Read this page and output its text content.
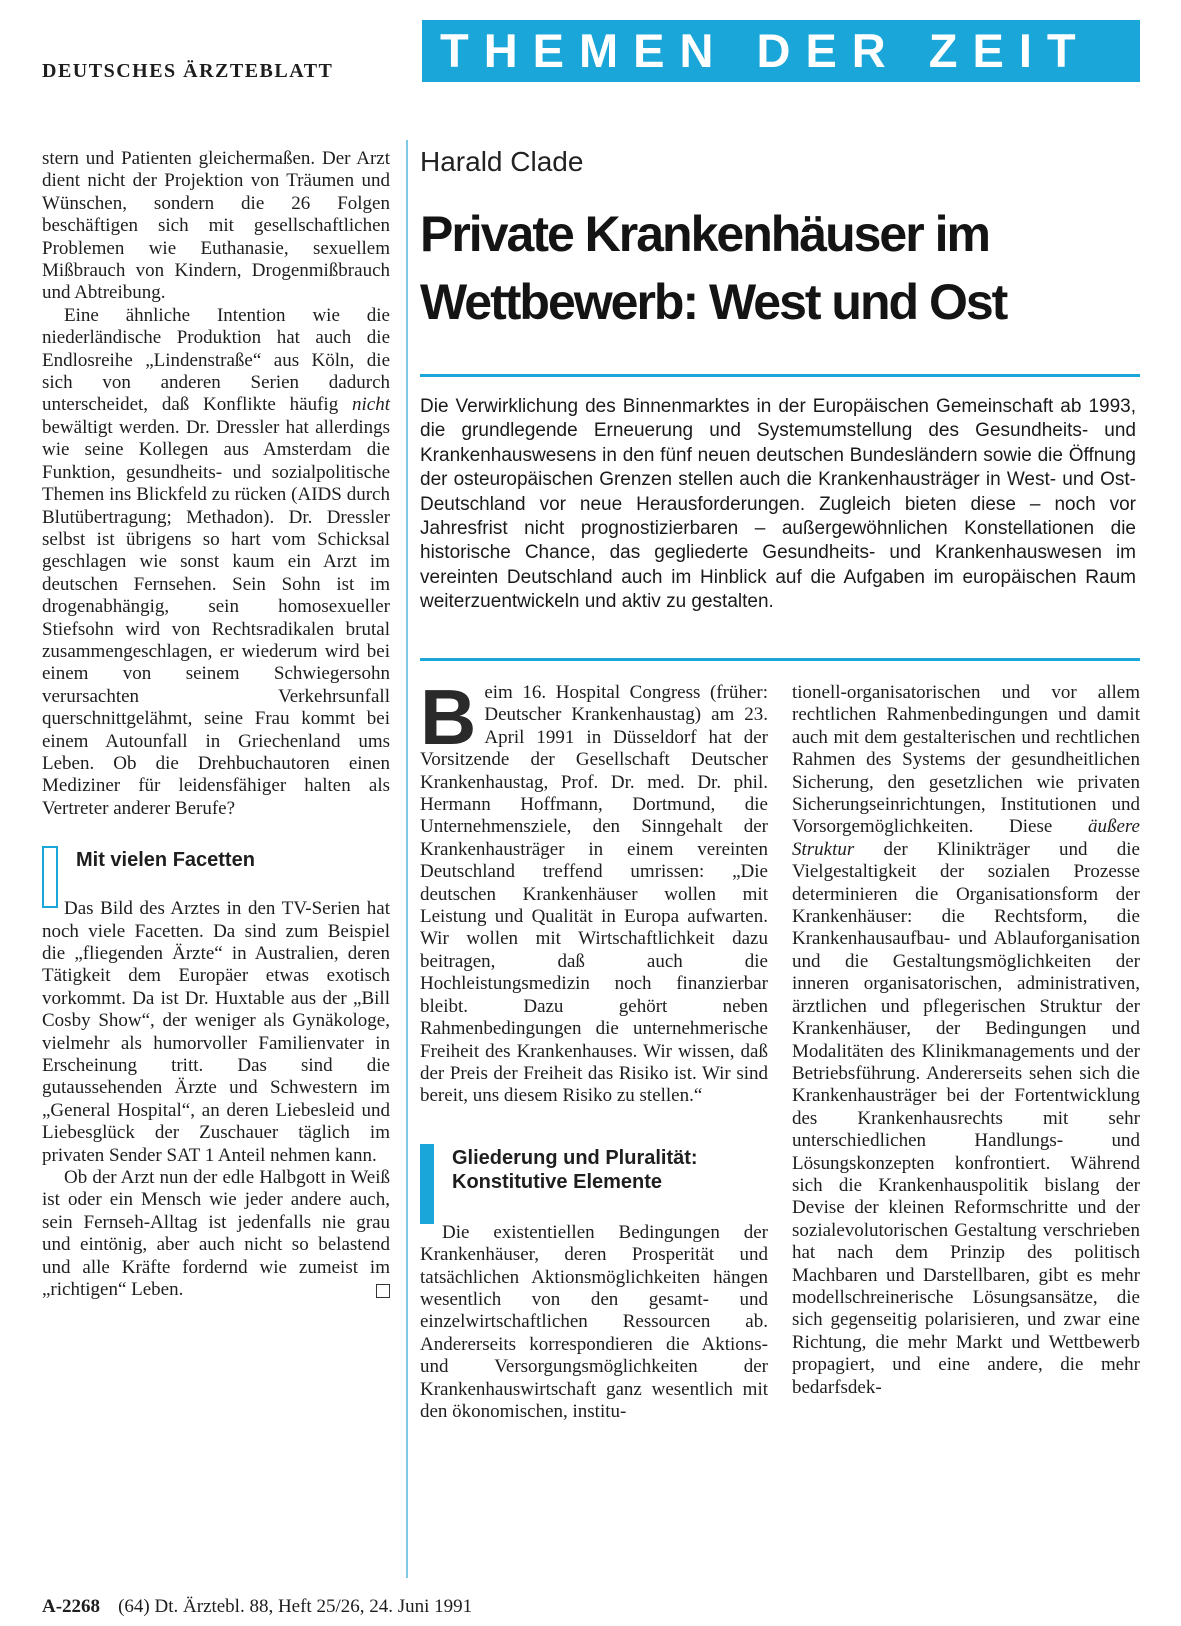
DEUTSCHES ÄRZTEBLATT THEMEN DER ZEIT

stern und Patienten gleichermaßen. Der Arzt dient nicht der Projektion von Träumen und Wünschen, sondern die 26 Folgen beschäftigen sich mit gesellschaftlichen Problemen wie Euthanasie, sexuellem Mißbrauch von Kindern, Drogenmißbrauch und Abtreibung.

Eine ähnliche Intention wie die niederländische Produktion hat auch die Endlosreihe „Lindenstraße“ aus Köln, die sich von anderen Serien dadurch unterscheidet, daß Konflikte häufig nicht bewältigt werden. Dr. Dressler hat allerdings wie seine Kollegen aus Amsterdam die Funktion, gesundheits- und sozialpolitische Themen ins Blickfeld zu rücken (AIDS durch Blutübertragung; Methadon). Dr. Dressler selbst ist übrigens so hart vom Schicksal geschlagen wie sonst kaum ein Arzt im deutschen Fernsehen. Sein Sohn ist im drogenabhängig, sein homosexueller Stiefsohn wird von Rechtsradikalen brutal zusammengeschlagen, er wiederum wird bei einem von seinem Schwiegersohn verursachten Verkehrsunfall querschnittgelähmt, seine Frau kommt bei einem Autounfall in Griechenland ums Leben. Ob die Drehbuchautoren einen Mediziner für leidensfähiger halten als Vertreter anderer Berufe?

Mit vielen Facetten

Das Bild des Arztes in den TV-Serien hat noch viele Facetten. Da sind zum Beispiel die „fliegenden Ärzte“ in Australien, deren Tätigkeit dem Europäer etwas exotisch vorkommt. Da ist Dr. Huxtable aus der „Bill Cosby Show“, der weniger als Gynäkologe, vielmehr als humorvoller Familienvater in Erscheinung tritt. Das sind die gutaussehenden Ärzte und Schwestern im „General Hospital“, an deren Liebesleid und Liebesglück der Zuschauer täglich im privaten Sender SAT 1 Anteil nehmen kann.

Ob der Arzt nun der edle Halbgott in Weiß ist oder ein Mensch wie jeder andere auch, sein Fernseh-Alltag ist jedenfalls nie grau und eintönig, aber auch nicht so belastend und alle Kräfte fordernd wie zumeist im „richtigen“ Leben.

Harald Clade
Private Krankenhäuser im
Wettbewerb: West und Ost
Die Verwirklichung des Binnenmarktes in der Europäischen Gemeinschaft ab 1993, die grundlegende Erneuerung und Systemumstellung des Gesundheits- und Krankenhauswesens in den fünf neuen deutschen Bundesländern sowie die Öffnung der osteuropäischen Grenzen stellen auch die Krankenhausträger in West- und Ost-Deutschland vor neue Herausforderungen. Zugleich bieten diese – noch vor Jahresfrist nicht prognostizierbaren – außergewöhnlichen Konstellationen die historische Chance, das gegliederte Gesundheits- und Krankenhauswesen im vereinten Deutschland auch im Hinblick auf die Aufgaben im europäischen Raum weiterzuentwickeln und aktiv zu gestalten.

Beim 16. Hospital Congress (früher: Deutscher Krankenhaustag) am 23. April 1991 in Düsseldorf hat der Vorsitzende der Gesellschaft Deutscher Krankenhaustag, Prof. Dr. med. Dr. phil. Hermann Hoffmann, Dortmund, die Unternehmensziele, den Sinngehalt der Krankenhausträger in einem vereinten Deutschland treffend umrissen: „Die deutschen Krankenhäuser wollen mit Leistung und Qualität in Europa aufwarten. Wir wollen mit Wirtschaftlichkeit dazu beitragen, daß auch die Hochleistungsmedizin noch finanzierbar bleibt. Dazu gehört neben Rahmenbedingungen die unternehmerische Freiheit des Krankenhauses. Wir wissen, daß der Preis der Freiheit das Risiko ist. Wir sind bereit, uns diesem Risiko zu stellen.“

Gliederung und Pluralität:
Konstitutive Elemente

Die existentiellen Bedingungen der Krankenhäuser, deren Prosperität und tatsächlichen Aktionsmöglichkeiten hängen wesentlich von den gesamt- und einzelwirtschaftlichen Ressourcen ab. Andererseits korrespondieren die Aktions- und Versorgungsmöglichkeiten der Krankenhauswirtschaft ganz wesentlich mit den ökonomischen, institu-

tionell-organisatorischen und vor allem rechtlichen Rahmenbedingungen und damit auch mit dem gestalterischen und rechtlichen Rahmen des Systems der gesundheitlichen Sicherung, den gesetzlichen wie privaten Sicherungseinrichtungen, Institutionen und Vorsorgemöglichkeiten. Diese äußere Struktur der Klinikträger und die Vielgestaltigkeit der sozialen Prozesse determinieren die Organisationsform der Krankenhäuser: die Rechtsform, die Krankenhausaufbau- und Ablauforganisation und die Gestaltungsmöglichkeiten der inneren organisatorischen, administrativen, ärztlichen und pflegerischen Struktur der Krankenhäuser, der Bedingungen und Modalitäten des Klinikmanagements und der Betriebsführung. Andererseits sehen sich die Krankenhausträger bei der Fortentwicklung des Krankenhausrechts mit sehr unterschiedlichen Handlungs- und Lösungskonzepten konfrontiert. Während sich die Krankenhauspolitik bislang der Devise der kleinen Reformschritte und der sozialevolutorischen Gestaltung verschrieben hat nach dem Prinzip des politisch Machbaren und Darstellbaren, gibt es mehr modellschreinerische Lösungsansätze, die sich gegenseitig polarisieren, und zwar eine Richtung, die mehr Markt und Wettbewerb propagiert, und eine andere, die mehr bedarfsdek-

A-2268 (64) Dt. Ärztebl. 88, Heft 25/26, 24. Juni 1991
